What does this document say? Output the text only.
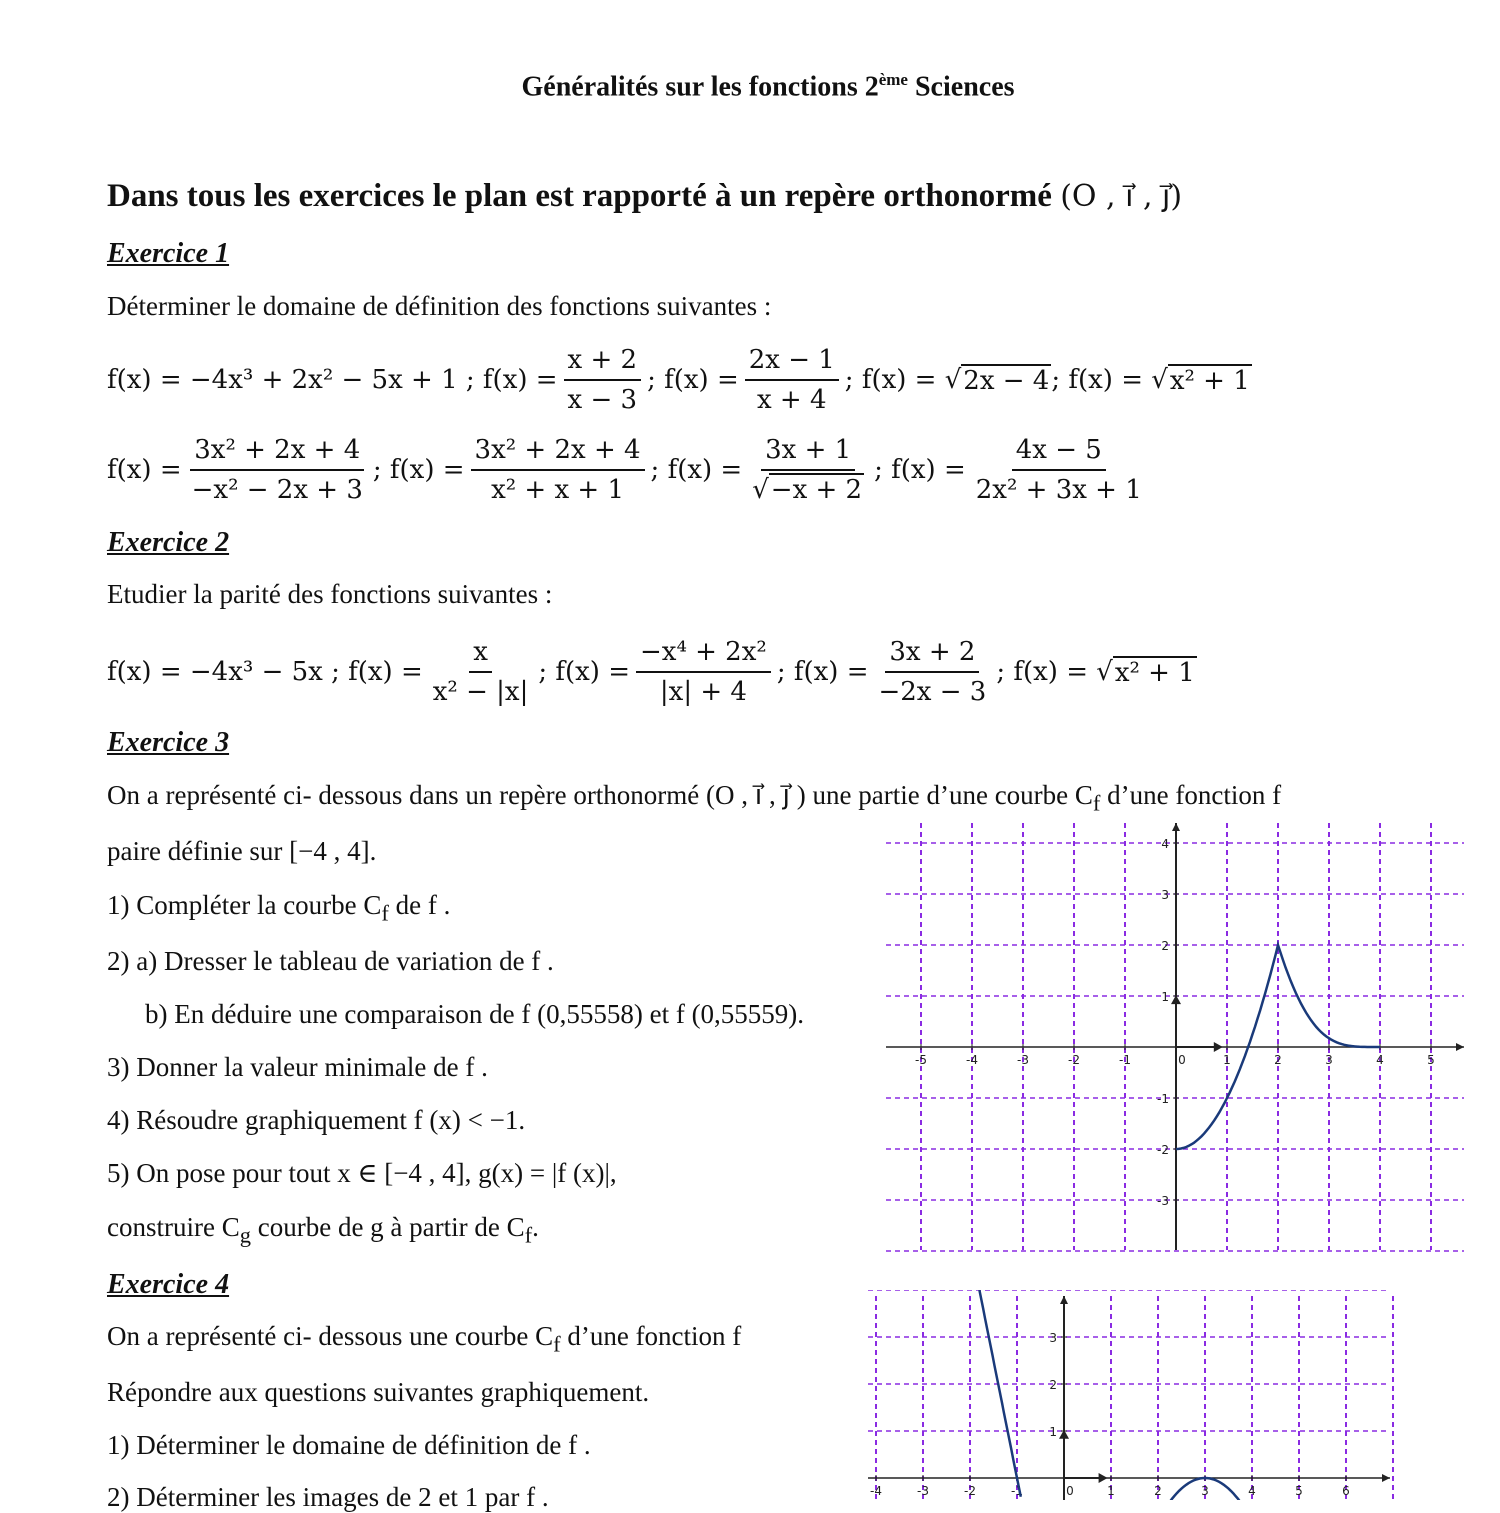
Généralités sur les fonctions 2ème Sciences
Dans tous les exercices le plan est rapporté à un repère orthonormé (O , ı⃗ , ȷ⃗)
Exercice 1
Déterminer le domaine de définition des fonctions suivantes :
f(x) = −4x³ + 2x² − 5x + 1 ;
$f(x) = \frac{x + 2}{x - 3}$ ; $f(x) = \frac{2x - 1}{x + 4}$ ; f(x) = √ 2x − 4 ; f(x) = √ x² + 1
$f(x) = \frac{\text{3x² + 2x + 4}}{\text{−x² − 2x + 3}}$ ; $f(x) = \frac{\text{3x² + 2x + 4}}{\text{x² + x + 1}}$ ; $f(x) = \frac{3x + 1}{√-x + 2}$ ; $f(x) = \frac{4x - 5}{\text{2x² + 3x + 1}}$
Exercice 2
Etudier la parité des fonctions suivantes :
f(x) = −4x³ − 5x ;
$f(x) = \frac{x}{\text{x² − |x|}}$ ; $f(x) = \frac{\text{−x⁴ + 2x²}}{|x| + 4}$ ; $f(x) = \frac{3x + 2}{-2x - 3}$ ; f(x) = √ x² + 1
Exercice 3
On a représenté ci- dessous dans un repère orthonormé (O , ı⃗ , ȷ⃗ ) une partie d’une courbe $C_f$ d’une fonction f
paire définie sur [−4 , 4].
1) Compléter la courbe $C_f$ de f .
2) a) Dresser le tableau de variation de f .
b) En déduire une comparaison de f (0,55558) et f (0,55559).
3) Donner la valeur minimale de f .
4) Résoudre graphiquement f (x) < −1.
5) On pose pour tout x ∈ [−4 , 4], g(x) = |f (x)|,
construire $C_g$ courbe de g à partir de $C_f$.
-5	-4	-3	-2	-1	0	1	2	3	4	5
-3
-2
-1
1
2
3
4
Exercice 4
On a représenté ci- dessous une courbe $C_f$ d’une fonction f
Répondre aux questions suivantes graphiquement.
1) Déterminer le domaine de définition de f .
2) Déterminer les images de 2 et 1 par f .	-4	-3	-2	-1	0	1	2	3	4	5	6
1
2
3
